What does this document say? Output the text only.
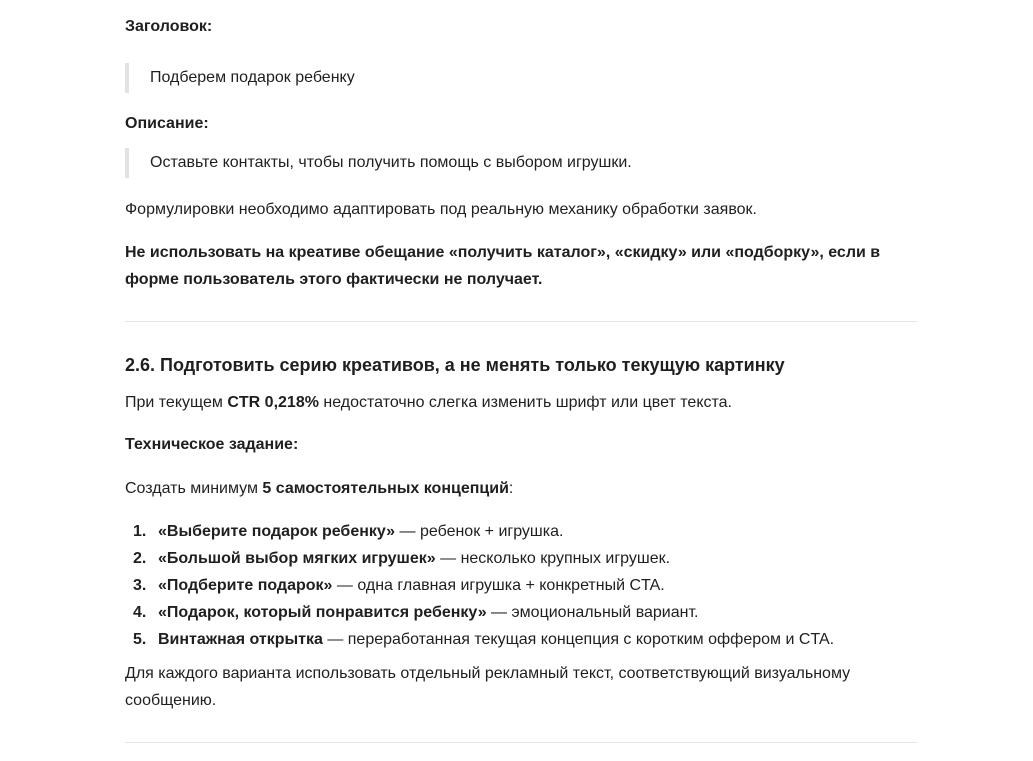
Заголовок:
Подберем подарок ребенку
Описание:
Оставьте контакты, чтобы получить помощь с выбором игрушки.
Формулировки необходимо адаптировать под реальную механику обработки заявок.
Не использовать на креативе обещание «получить каталог», «скидку» или «подборку», если в форме пользователь этого фактически не получает.
2.6. Подготовить серию креативов, а не менять только текущую картинку
При текущем CTR 0,218% недостаточно слегка изменить шрифт или цвет текста.
Техническое задание:
Создать минимум 5 самостоятельных концепций:
1. «Выберите подарок ребенку» — ребенок + игрушка.
2. «Большой выбор мягких игрушек» — несколько крупных игрушек.
3. «Подберите подарок» — одна главная игрушка + конкретный CTA.
4. «Подарок, который понравится ребенку» — эмоциональный вариант.
5. Винтажная открытка — переработанная текущая концепция с коротким оффером и CTA.
Для каждого варианта использовать отдельный рекламный текст, соответствующий визуальному сообщению.
